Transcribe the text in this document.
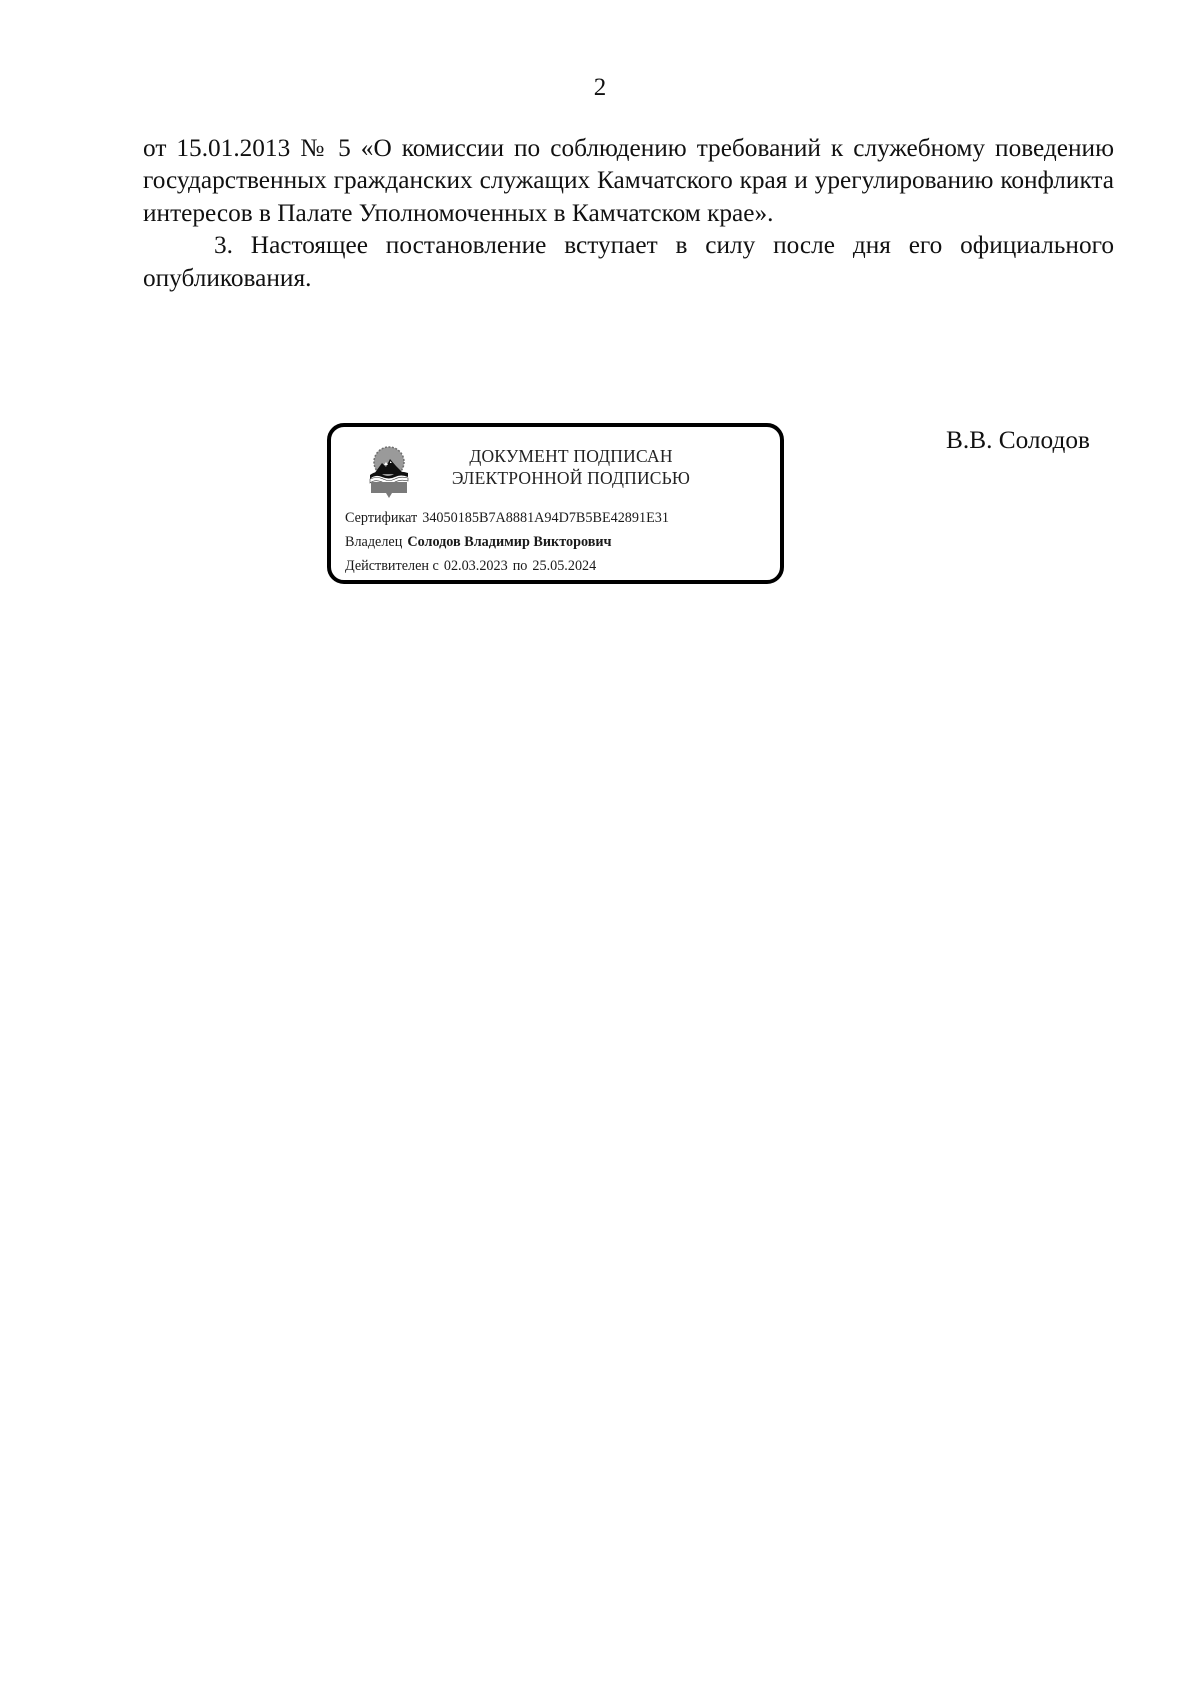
2

от 15.01.2013 № 5 «О комиссии по соблюдению требований к служебному поведению государственных гражданских служащих Камчатского края и урегулированию конфликта интересов в Палате Уполномоченных в Камчатском крае».

3. Настоящее постановление вступает в силу после дня его официального опубликования.

ДОКУМЕНТ ПОДПИСАН
ЭЛЕКТРОННОЙ ПОДПИСЬЮ
Сертификат 34050185B7A8881A94D7B5BE42891E31
Владелец Солодов Владимир Викторович
Действителен с 02.03.2023 по 25.05.2024
В.В. Солодов
